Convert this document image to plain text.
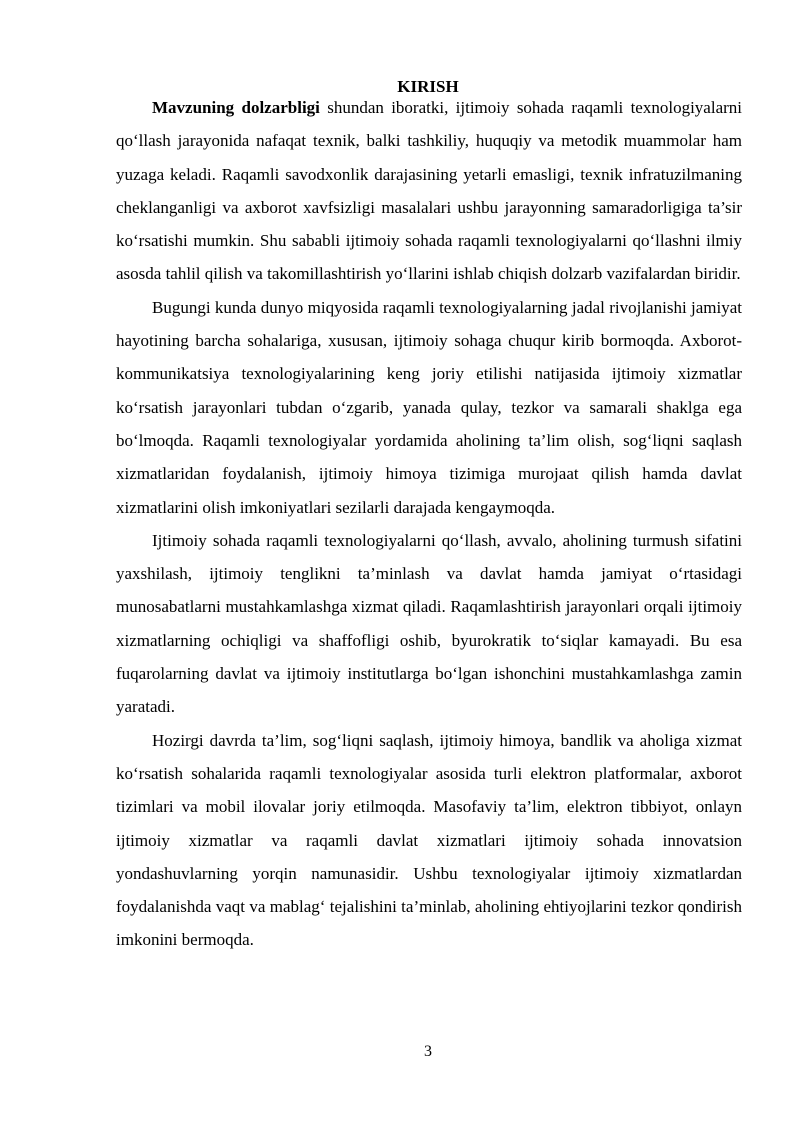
KIRISH

Mavzuning dolzarbligi shundan iboratki, ijtimoiy sohada raqamli texnologiyalarni qo‘llash jarayonida nafaqat texnik, balki tashkiliy, huquqiy va metodik muammolar ham yuzaga keladi. Raqamli savodxonlik darajasining yetarli emasligi, texnik infratuzilmaning cheklanganligi va axborot xavfsizligi masalalari ushbu jarayonning samaradorligiga ta’sir ko‘rsatishi mumkin. Shu sababli ijtimoiy sohada raqamli texnologiyalarni qo‘llashni ilmiy asosda tahlil qilish va takomillashtirish yo‘llarini ishlab chiqish dolzarb vazifalardan biridir.

Bugungi kunda dunyo miqyosida raqamli texnologiyalarning jadal rivojlanishi jamiyat hayotining barcha sohalariga, xususan, ijtimoiy sohaga chuqur kirib bormoqda. Axborot-kommunikatsiya texnologiyalarining keng joriy etilishi natijasida ijtimoiy xizmatlar ko‘rsatish jarayonlari tubdan o‘zgarib, yanada qulay, tezkor va samarali shaklga ega bo‘lmoqda. Raqamli texnologiyalar yordamida aholining ta’lim olish, sog‘liqni saqlash xizmatlaridan foydalanish, ijtimoiy himoya tizimiga murojaat qilish hamda davlat xizmatlarini olish imkoniyatlari sezilarli darajada kengaymoqda.

Ijtimoiy sohada raqamli texnologiyalarni qo‘llash, avvalo, aholining turmush sifatini yaxshilash, ijtimoiy tenglikni ta’minlash va davlat hamda jamiyat o‘rtasidagi munosabatlarni mustahkamlashga xizmat qiladi. Raqamlashtirish jarayonlari orqali ijtimoiy xizmatlarning ochiqligi va shaffofligi oshib, byurokratik to‘siqlar kamayadi. Bu esa fuqarolarning davlat va ijtimoiy institutlarga bo‘lgan ishonchini mustahkamlashga zamin yaratadi.

Hozirgi davrda ta’lim, sog‘liqni saqlash, ijtimoiy himoya, bandlik va aholiga xizmat ko‘rsatish sohalarida raqamli texnologiyalar asosida turli elektron platformalar, axborot tizimlari va mobil ilovalar joriy etilmoqda. Masofaviy ta’lim, elektron tibbiyot, onlayn ijtimoiy xizmatlar va raqamli davlat xizmatlari ijtimoiy sohada innovatsion yondashuvlarning yorqin namunasidir. Ushbu texnologiyalar ijtimoiy xizmatlardan foydalanishda vaqt va mablag‘ tejalishini ta’minlab, aholining ehtiyojlarini tezkor qondirish imkonini bermoqda.

3
